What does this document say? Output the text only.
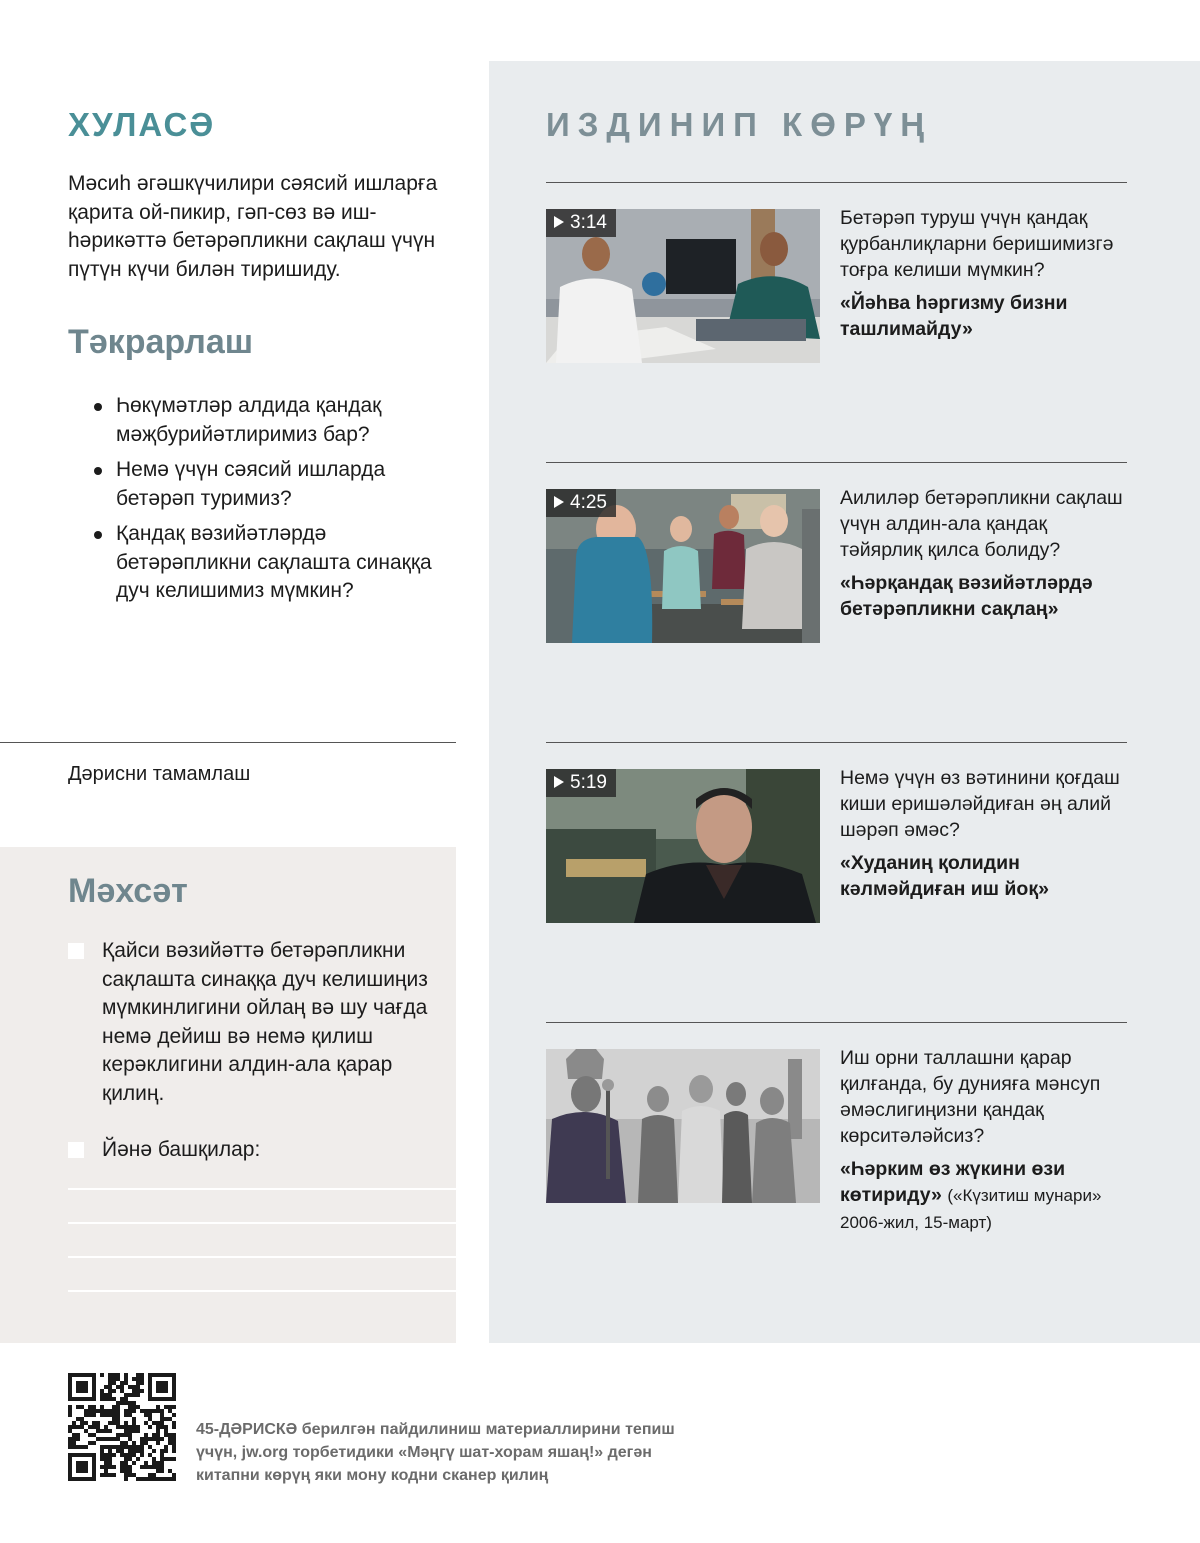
ХУЛАСӘ
Мәсиһ әгәшкүчилири сәясий ишларға қарита ой-пикир, гәп-сөз вә иш-һәрикәттә бетәрәпликни сақлаш үчүн пүтүн күчи билән тиришиду.
Тәкрарлаш
Һөкүмәтләр алдида қандақ мәҗбурийәтлиримиз бар?
Немә үчүн сәясий ишларда бетәрәп туримиз?
Қандақ вәзийәтләрдә бетәрәпликни сақлашта синаққа дуч келишимиз мүмкин?
Дәрисни тамамлаш
Мәхсәт
Қайси вәзийәттә бетәрәпликни сақлашта синаққа дуч келишиңиз мүмкинлигини ойлаң вә шу чағда немә дейиш вә немә қилиш керәклигини алдин-ала қарар қилиң.
Йәнә башқилар:
ИЗДИНИП КӨРҮҢ
3:14	Бетәрәп туруш үчүн қандақ қурбанлиқларни беришимизгә тоғра келиши мүмкин?

«Йәһва һәргизму бизни ташлимайду»

4:25	Аилиләр бетәрәпликни сақлаш үчүн алдин-ала қандақ тәйярлиқ қилса болиду?

«Һәрқандақ вәзийәтләрдә бетәрәпликни сақлаң»

5:19	Немә үчүн өз вәтинини қоғдаш киши еришәләйдиған әң алий шәрәп әмәс?

«Худаниң қолидин кәлмәйдиған иш йоқ»

Иш орни таллашни қарар қилғанда, бу дунияға мәнсуп әмәслигиңизни қандақ көрситәләйсиз?

«Һәрким өз жүкини өзи көтириду» («Күзитиш мунари» 2006-жил, 15-март)

45-ДӘРИСКӘ берилгән пайдилиниш материаллирини тепиш үчүн, jw.org торбетидики «Мәңгү шат-хорам яшаң!» дегән китапни көрүң яки мону кодни сканер қилиң
